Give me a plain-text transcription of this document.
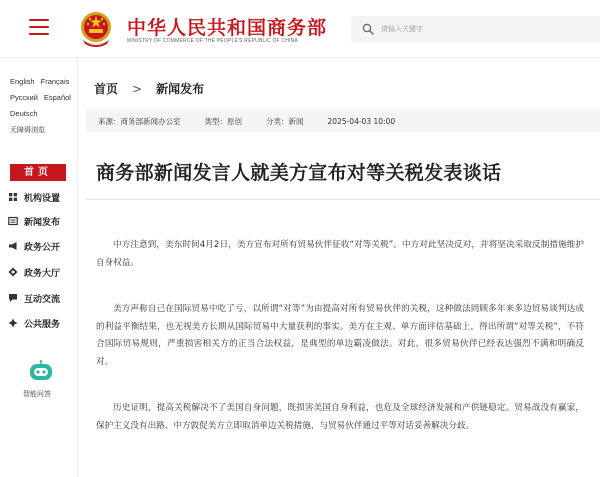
中华人民共和国商务部
MINISTRY OF COMMERCE OF THE PEOPLE'S REPUBLIC OF CHINA
请输入关键字
English Français
Русский Español
Deutsch
无障碍浏览
首页
机构设置
新闻发布
政务公开
政务大厅
互动交流
公共服务
智能问答
首页 > 新闻发布
来源：商务部新闻办公室	类型：原创	分类：新闻	2025-04-03 10:00
商务部新闻发言人就美方宣布对等关税发表谈话

中方注意到，美东时间4月2日，美方宣布对所有贸易伙伴征收“对等关税”。中方对此坚决反对，并将坚决采取反制措施维护自身权益。

美方声称自己在国际贸易中吃了亏，以所谓“对等”为由提高对所有贸易伙伴的关税，这种做法罔顾多年来多边贸易谈判达成的利益平衡结果，也无视美方长期从国际贸易中大量获利的事实。美方在主观、单方面评估基础上，得出所谓“对等关税”，不符合国际贸易规则，严重损害相关方的正当合法权益，是典型的单边霸凌做法。对此，很多贸易伙伴已经表达强烈不满和明确反对。

历史证明，提高关税解决不了美国自身问题，既损害美国自身利益，也危及全球经济发展和产供链稳定。贸易战没有赢家，保护主义没有出路。中方敦促美方立即取消单边关税措施，与贸易伙伴通过平等对话妥善解决分歧。
